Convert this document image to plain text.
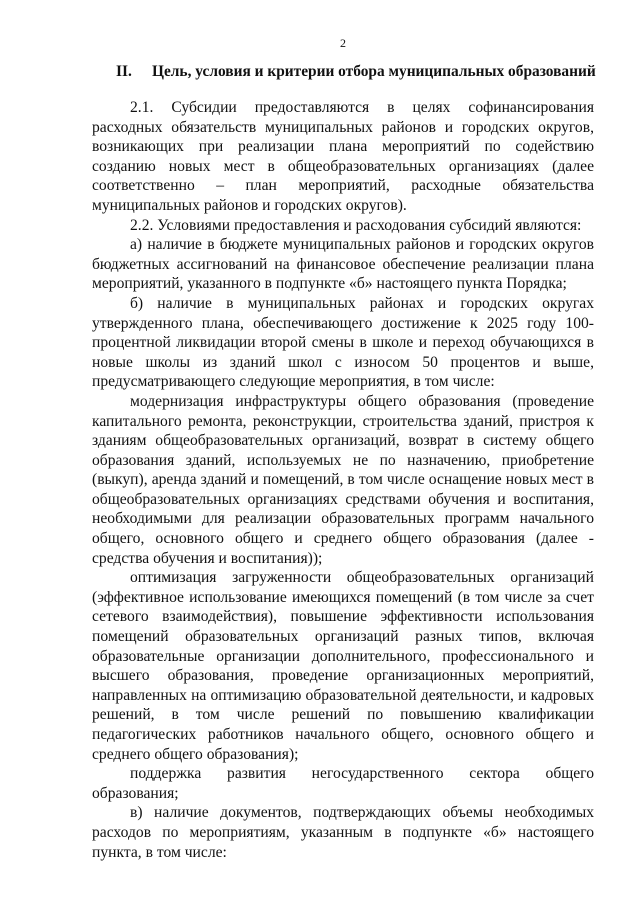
2
II. Цель, условия и критерии отбора муниципальных образований

2.1. Субсидии предоставляются в целях софинансирования расходных обязательств муниципальных районов и городских округов, возникающих при реализации плана мероприятий по содействию созданию новых мест в общеобразовательных организациях (далее соответственно – план мероприятий, расходные обязательства муниципальных районов и городских округов).

2.2. Условиями предоставления и расходования субсидий являются:

а) наличие в бюджете муниципальных районов и городских округов бюджетных ассигнований на финансовое обеспечение реализации плана мероприятий, указанного в подпункте «б» настоящего пункта Порядка;

б) наличие в муниципальных районах и городских округах утвержденного плана, обеспечивающего достижение к 2025 году 100-процентной ликвидации второй смены в школе и переход обучающихся в новые школы из зданий школ с износом 50 процентов и выше, предусматривающего следующие мероприятия, в том числе:

модернизация инфраструктуры общего образования (проведение капитального ремонта, реконструкции, строительства зданий, пристроя к зданиям общеобразовательных организаций, возврат в систему общего образования зданий, используемых не по назначению, приобретение (выкуп), аренда зданий и помещений, в том числе оснащение новых мест в общеобразовательных организациях средствами обучения и воспитания, необходимыми для реализации образовательных программ начального общего, основного общего и среднего общего образования (далее - средства обучения и воспитания));

оптимизация загруженности общеобразовательных организаций (эффективное использование имеющихся помещений (в том числе за счет сетевого взаимодействия), повышение эффективности использования помещений образовательных организаций разных типов, включая образовательные организации дополнительного, профессионального и высшего образования, проведение организационных мероприятий, направленных на оптимизацию образовательной деятельности, и кадровых решений, в том числе решений по повышению квалификации педагогических работников начального общего, основного общего и среднего общего образования);

поддержка развития негосударственного сектора общего образования;

в) наличие документов, подтверждающих объемы необходимых расходов по мероприятиям, указанным в подпункте «б» настоящего пункта, в том числе:
